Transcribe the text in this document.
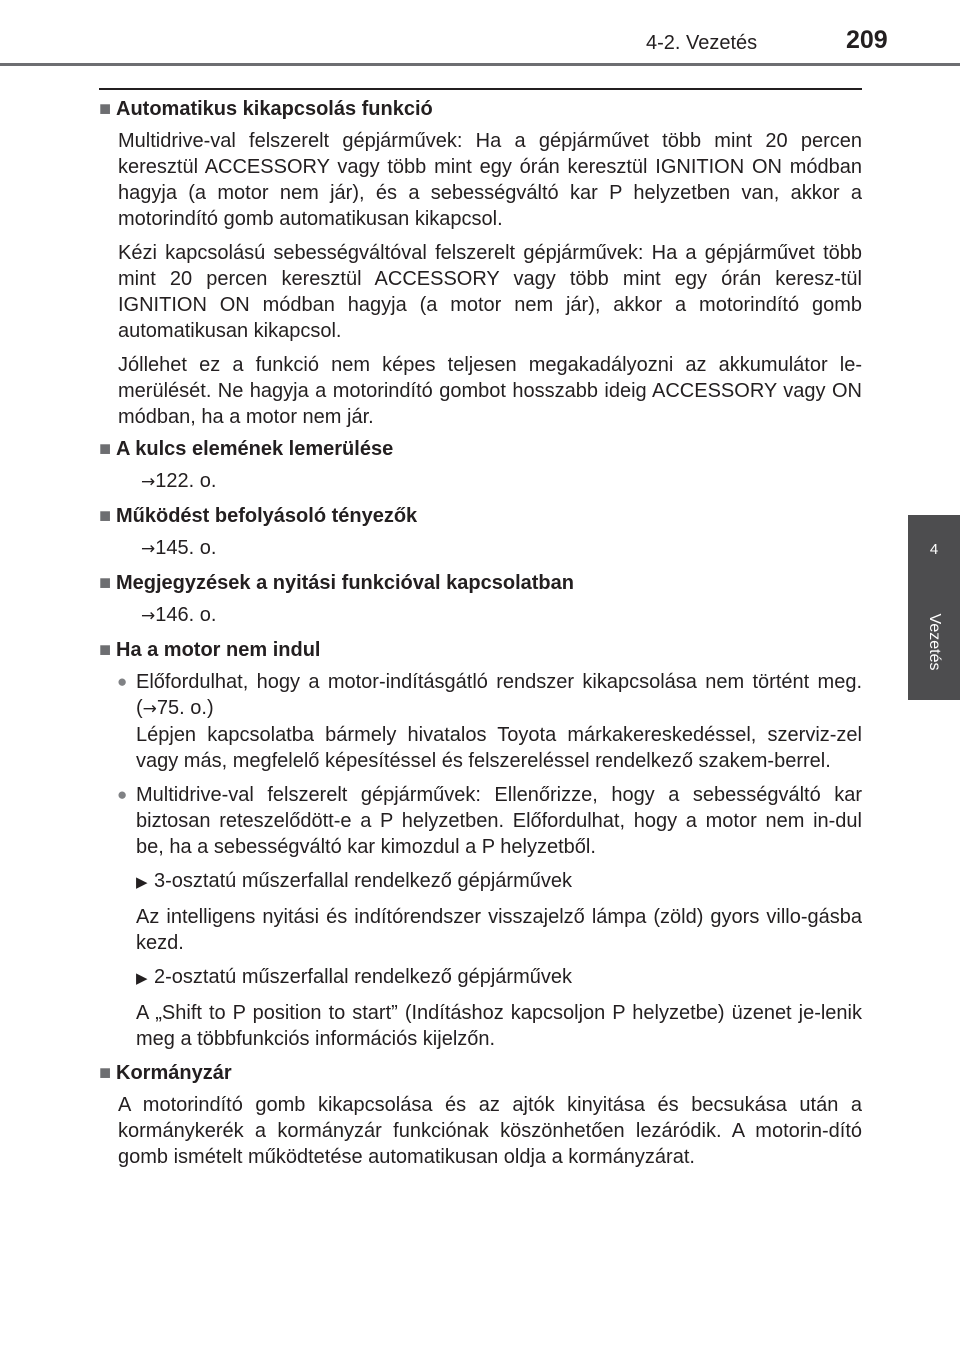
4-2. Vezetés	209
4
Vezetés
■ Automatikus kikapcsolás funkció

Multidrive-val felszerelt gépjárművek: Ha a gépjárművet több mint 20 percen keresztül ACCESSORY vagy több mint egy órán keresztül IGNITION ON módban hagyja (a motor nem jár), és a sebességváltó kar P helyzetben van, akkor a motorindító gomb automatikusan kikapcsol.

Kézi kapcsolású sebességváltóval felszerelt gépjárművek: Ha a gépjárművet több mint 20 percen keresztül ACCESSORY vagy több mint egy órán keresz-tül IGNITION ON módban hagyja (a motor nem jár), akkor a motorindító gomb automatikusan kikapcsol.

Jóllehet ez a funkció nem képes teljesen megakadályozni az akkumulátor le-merülését. Ne hagyja a motorindító gombot hosszabb ideig ACCESSORY vagy ON módban, ha a motor nem jár.

■ A kulcs elemének lemerülése
→122. o.
■ Működést befolyásoló tényezők
→145. o.
■ Megjegyzések a nyitási funkcióval kapcsolatban
→146. o.
■ Ha a motor nem indul
● Előfordulhat, hogy a motor-indításgátló rendszer kikapcsolása nem történt meg. (→75. o.)
Lépjen kapcsolatba bármely hivatalos Toyota márkakereskedéssel, szerviz-zel vagy más, megfelelő képesítéssel és felszereléssel rendelkező szakem-berrel.
● Multidrive-val felszerelt gépjárművek: Ellenőrizze, hogy a sebességváltó kar biztosan reteszelődött-e a P helyzetben. Előfordulhat, hogy a motor nem in-dul be, ha a sebességváltó kar kimozdul a P helyzetből.
▶ 3-osztatú műszerfallal rendelkező gépjárművek

Az intelligens nyitási és indítórendszer visszajelző lámpa (zöld) gyors villo-gásba kezd.

▶ 2-osztatú műszerfallal rendelkező gépjárművek

A „Shift to P position to start” (Indításhoz kapcsoljon P helyzetbe) üzenet je-lenik meg a többfunkciós információs kijelzőn.

■ Kormányzár

A motorindító gomb kikapcsolása és az ajtók kinyitása és becsukása után a kormánykerék a kormányzár funkciónak köszönhetően lezáródik. A motorin-dító gomb ismételt működtetése automatikusan oldja a kormányzárat.
